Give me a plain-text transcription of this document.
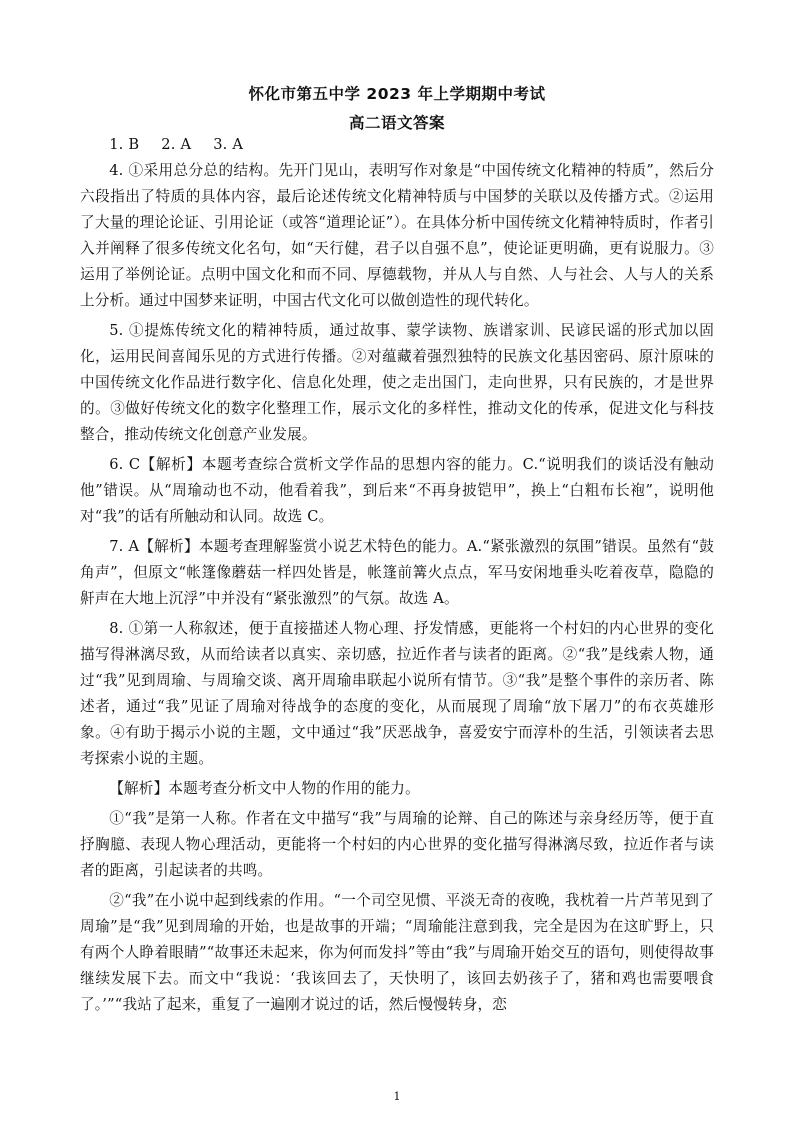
怀化市第五中学 2023 年上学期期中考试
高二语文答案

1. B 2. A 3. A

4. ①采用总分总的结构。先开门见山，表明写作对象是“中国传统文化精神的特质”，然后分六段指出了特质的具体内容，最后论述传统文化精神特质与中国梦的关联以及传播方式。②运用了大量的理论论证、引用论证（或答“道理论证”）。在具体分析中国传统文化精神特质时，作者引入并阐释了很多传统文化名句，如“天行健，君子以自强不息”，使论证更明确，更有说服力。③运用了举例论证。点明中国文化和而不同、厚德载物，并从人与自然、人与社会、人与人的关系上分析。通过中国梦来证明，中国古代文化可以做创造性的现代转化。

5. ①提炼传统文化的精神特质，通过故事、蒙学读物、族谱家训、民谚民谣的形式加以固化，运用民间喜闻乐见的方式进行传播。②对蕴藏着强烈独特的民族文化基因密码、原汁原味的中国传统文化作品进行数字化、信息化处理，使之走出国门，走向世界，只有民族的，才是世界的。③做好传统文化的数字化整理工作，展示文化的多样性，推动文化的传承，促进文化与科技整合，推动传统文化创意产业发展。

6. C【解析】本题考查综合赏析文学作品的思想内容的能力。C.“说明我们的谈话没有触动他”错误。从“周瑜动也不动，他看着我”，到后来“不再身披铠甲”，换上“白粗布长袍”，说明他对“我”的话有所触动和认同。故选 C。

7. A【解析】本题考查理解鉴赏小说艺术特色的能力。A.“紧张激烈的氛围”错误。虽然有“鼓角声”，但原文“帐篷像蘑菇一样四处皆是，帐篷前篝火点点，军马安闲地垂头吃着夜草，隐隐的鼾声在大地上沉浮”中并没有“紧张激烈”的气氛。故选 A。

8. ①第一人称叙述，便于直接描述人物心理、抒发情感，更能将一个村妇的内心世界的变化描写得淋漓尽致，从而给读者以真实、亲切感，拉近作者与读者的距离。②“我”是线索人物，通过“我”见到周瑜、与周瑜交谈、离开周瑜串联起小说所有情节。③“我”是整个事件的亲历者、陈述者，通过“我”见证了周瑜对待战争的态度的变化，从而展现了周瑜“放下屠刀”的布衣英雄形象。④有助于揭示小说的主题，文中通过“我”厌恶战争，喜爱安宁而淳朴的生活，引领读者去思考探索小说的主题。

【解析】本题考查分析文中人物的作用的能力。

①“我”是第一人称。作者在文中描写“我”与周瑜的论辩、自己的陈述与亲身经历等，便于直抒胸臆、表现人物心理活动，更能将一个村妇的内心世界的变化描写得淋漓尽致，拉近作者与读者的距离，引起读者的共鸣。

②“我”在小说中起到线索的作用。“一个司空见惯、平淡无奇的夜晚，我枕着一片芦苇见到了周瑜”是“我”见到周瑜的开始，也是故事的开端；“周瑜能注意到我，完全是因为在这旷野上，只有两个人睁着眼睛”“故事还未起来，你为何而发抖”等由“我”与周瑜开始交互的语句，则使得故事继续发展下去。而文中“我说：‘我该回去了，天快明了，该回去奶孩子了，猪和鸡也需要喂食了。’”“我站了起来，重复了一遍刚才说过的话，然后慢慢转身，恋

1
